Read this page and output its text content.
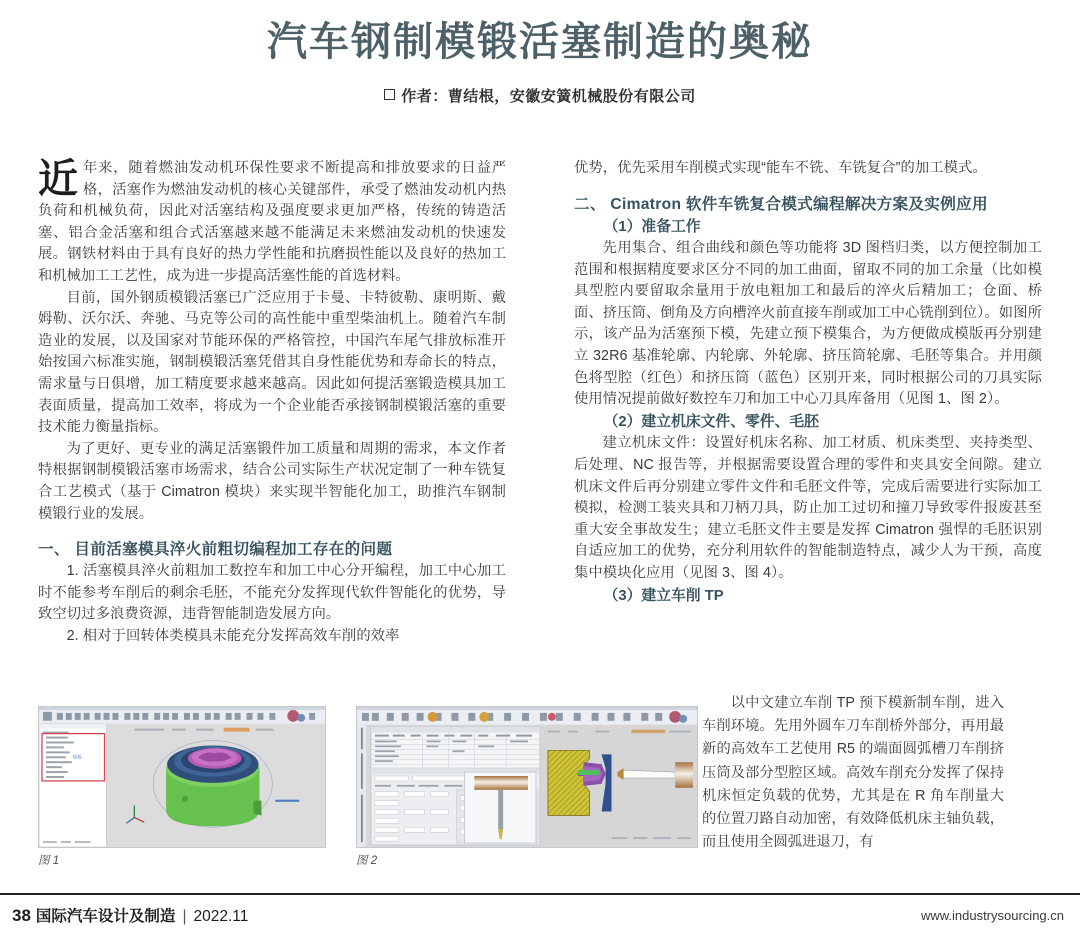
汽车钢制模锻活塞制造的奥秘
作者：曹结根，安徽安簧机械股份有限公司

近年来，随着燃油发动机环保性要求不断提高和排放要求的日益严格，活塞作为燃油发动机的核心关键部件，承受了燃油发动机内热负荷和机械负荷，因此对活塞结构及强度要求更加严格，传统的铸造活塞、铝合金活塞和组合式活塞越来越不能满足未来燃油发动机的快速发展。钢铁材料由于具有良好的热力学性能和抗磨损性能以及良好的热加工和机械加工工艺性，成为进一步提高活塞性能的首选材料。

目前，国外钢质模锻活塞已广泛应用于卡曼、卡特彼勒、康明斯、戴姆勒、沃尔沃、奔驰、马克等公司的高性能中重型柴油机上。随着汽车制造业的发展，以及国家对节能环保的严格管控，中国汽车尾气排放标准开始按国六标准实施，钢制模锻活塞凭借其自身性能优势和寿命长的特点，需求量与日俱增，加工精度要求越来越高。因此如何提活塞锻造模具加工表面质量，提高加工效率，将成为一个企业能否承接钢制模锻活塞的重要技术能力衡量指标。

为了更好、更专业的满足活塞锻件加工质量和周期的需求，本文作者特根据钢制模锻活塞市场需求，结合公司实际生产状况定制了一种车铣复合工艺模式（基于 Cimatron 模块）来实现半智能化加工，助推汽车钢制模锻行业的发展。

一、 目前活塞模具淬火前粗切编程加工存在的问题

1. 活塞模具淬火前粗加工数控车和加工中心分开编程，加工中心加工时不能参考车削后的剩余毛胚，不能充分发挥现代软件智能化的优势，导致空切过多浪费资源，违背智能制造发展方向。

2. 相对于回转体类模具未能充分发挥高效车削的效率

优势，优先采用车削模式实现“能车不铣、车铣复合”的加工模式。

二、 Cimatron 软件车铣复合模式编程解决方案及实例应用
（1）准备工作

先用集合、组合曲线和颜色等功能将 3D 图档归类，以方便控制加工范围和根据精度要求区分不同的加工曲面，留取不同的加工余量（比如模具型腔内要留取余量用于放电粗加工和最后的淬火后精加工；仓面、桥面、挤压筒、倒角及方向槽淬火前直接车削或加工中心铣削到位）。如图所示，该产品为活塞预下模，先建立预下模集合，为方便做成模版再分别建立 32R6 基准轮廓、内轮廓、外轮廓、挤压筒轮廓、毛胚等集合。并用颜色将型腔（红色）和挤压筒（蓝色）区别开来，同时根据公司的刀具实际使用情况提前做好数控车刀和加工中心刀具库备用（见图 1、图 2）。

（2）建立机床文件、零件、毛胚

建立机床文件：设置好机床名称、加工材质、机床类型、夹持类型、后处理、NC 报告等，并根据需要设置合理的零件和夹具安全间隙。建立机床文件后再分别建立零件文件和毛胚文件等，完成后需要进行实际加工模拟，检测工装夹具和刀柄刀具，防止加工过切和撞刀导致零件报废甚至重大安全事故发生；建立毛胚文件主要是发挥 Cimatron 强悍的毛胚识别自适应加工的优势，充分利用软件的智能制造特点，减少人为干预，高度集中模块化应用（见图 3、图 4）。

（3）建立车削 TP

以中文建立车削 TP 预下模新制车削，进入车削环境。先用外圆车刀车削桥外部分，再用最新的高效车工艺使用 R5 的端面圆弧槽刀车削挤压筒及部分型腔区域。高效车削充分发挥了保持机床恒定负载的优势，尤其是在 R 角车削量大的位置刀路自动加密，有效降低机床主轴负载，而且使用全圆弧进退刀，有

模板

图 1	图 2

38 国际汽车设计及制造 | 2022.11	www.industrysourcing.cn
